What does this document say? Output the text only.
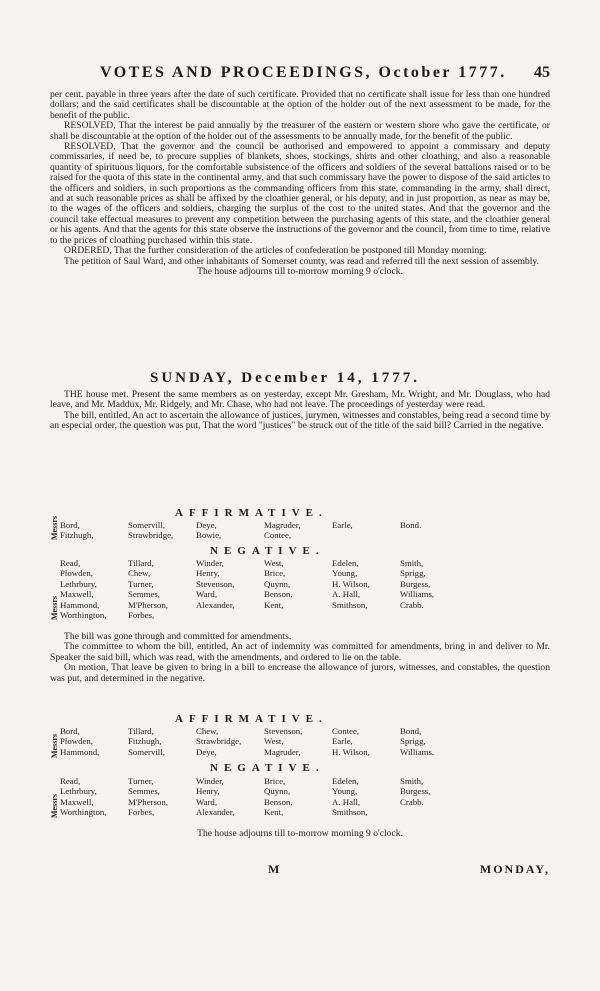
VOTES AND PROCEEDINGS, October 1777. 45

per cent. payable in three years after the date of such certificate. Provided that no certificate shall issue for less than one hundred dollars; and the said certificates shall be discountable at the option of the holder out of the next assessment to be made, for the benefit of the public.

RESOLVED, That the interest be paid annually by the treasurer of the eastern or western shore who gave the certificate, or shall be discountable at the option of the holder out of the assessments to be annually made, for the benefit of the public.

RESOLVED, That the governor and the council be authorised and empowered to appoint a commissary and deputy commissaries, if need be, to procure supplies of blankets, shoes, stockings, shirts and other cloathing, and also a reasonable quantity of spirituous liquors, for the comfortable subsistence of the officers and soldiers of the several battalions raised or to be raised for the quota of this state in the continental army, and that such commissary have the power to dispose of the said articles to the officers and soldiers, in such proportions as the commanding officers from this state, commanding in the army, shall direct, and at such reasonable prices as shall be affixed by the cloathier general, or his deputy, and in just proportion, as near as may be, to the wages of the officers and soldiers, charging the surplus of the cost to the united states. And that the governor and the council take effectual measures to prevent any competition between the purchasing agents of this state, and the cloathier general or his agents. And that the agents for this state observe the instructions of the governor and the council, from time to time, relative to the prices of cloathing purchased within this state.

ORDERED, That the further consideration of the articles of confederation be postponed till Monday morning.

The petition of Saul Ward, and other inhabitants of Somerset county, was read and referred till the next session of assembly.

The house adjourns till to-morrow morning 9 o'clock.

SUNDAY, December 14, 1777.

THE house met. Present the same members as on yesterday, except Mr. Gresham, Mr. Wright, and Mr. Douglass, who had leave, and Mr. Maddux, Mr. Ridgely, and Mr. Chase, who had not leave. The proceedings of yesterday were read.

The bill, entitled, An act to ascertain the allowance of justices, jurymen, witnesses and constables, being read a second time by an especial order, the question was put, That the word "justices" be struck out of the title of the said bill? Carried in the negative.

AFFIRMATIVE.
Messrs Bord,	Somervill,	Deye,	Magruder,	Earle,	Bond.
Fitzhugh,	Strawbridge,	Bowie,	Contee,
NEGATIVE.
Messrs
Read,	Tillard,	Winder,	West,	Edelen,	Smith,
Plowden,	Chew,	Henry,	Brice,	Young,	Sprigg,
Lethrbury,	Turner,	Stevenson,	Quynn,	H. Wilson,	Burgess,
Maxwell,	Semmes,	Ward,	Benson,	A. Hall,	Williams,
Hammond,	M'Pherson,	Alexander,	Kent,	Smithson,	Crabb.
Worthington,	Forbes,

The bill was gone through and committed for amendments.

The committee to whom the bill, entitled, An act of indemnity was committed for amendments, bring in and deliver to Mr. Speaker the said bill, which was read, with the amendments, and ordered to lie on the table.

On motion, That leave be given to bring in a bill to encrease the allowance of jurors, witnesses, and constables, the question was put, and determined in the negative.

AFFIRMATIVE.
Messrs
Bord,	Tillard,	Chew,	Stevenson,	Contee,	Bond,
Plowden,	Fitzhugh,	Strawbridge,	West,	Earle,	Sprigg,
Hammond,	Somervill,	Deye,	Magruder,	H. Wilson,	Williams.
NEGATIVE.
Messrs
Read,	Turner,	Winder,	Brice,	Edelen,	Smith,
Lethrbury,	Semmes,	Henry,	Quynn,	Young,	Burgess,
Maxwell,	M'Pherson,	Ward,	Benson,	A. Hall,	Crabb.
Worthington,	Forbes,	Alexander,	Kent,	Smithson,
The house adjourns till to-morrow morning 9 o'clock.
M	MONDAY,
